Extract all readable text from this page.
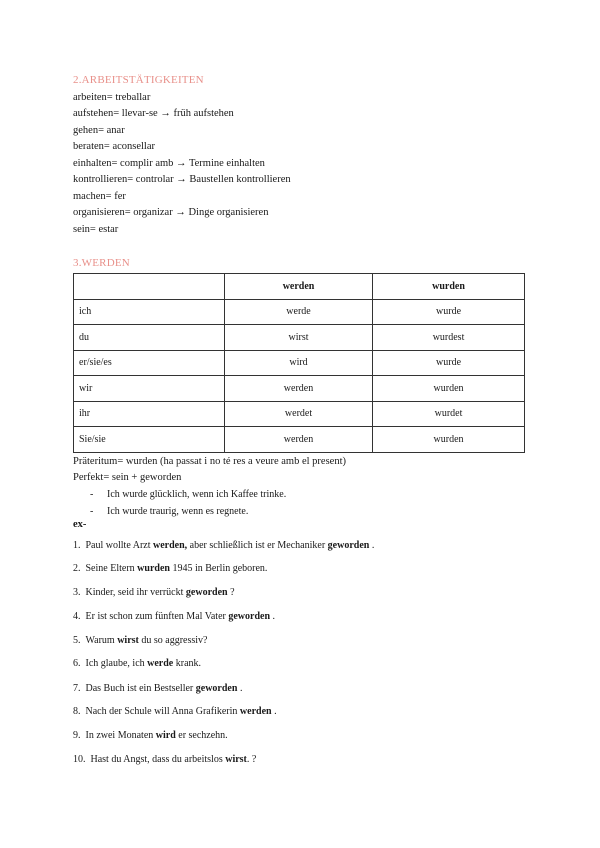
2.ARBEITSTÄTIGKEITEN
arbeiten= treballar
aufstehen= llevar-se → früh aufstehen
gehen= anar
beraten= aconsellar
einhalten= complir amb → Termine einhalten
kontrollieren= controlar → Baustellen kontrollieren
machen= fer
organisieren= organizar → Dinge organisieren
sein= estar
3.WERDEN
	werden	wurden
ich	werde	wurde
du	wirst	wurdest
er/sie/es	wird	wurde
wir	werden	wurden
ihr	werdet	wurdet
Sie/sie	werden	wurden
Präteritum= wurden (ha passat i no té res a veure amb el present)
Perfekt= sein + geworden
- Ich wurde glücklich, wenn ich Kaffee trinke.
- Ich wurde traurig, wenn es regnete.
ex-
1. Paul wollte Arzt werden, aber schließlich ist er Mechaniker geworden .
2. Seine Eltern wurden 1945 in Berlin geboren.
3. Kinder, seid ihr verrückt geworden ?
4. Er ist schon zum fünften Mal Vater geworden .
5. Warum wirst du so aggressiv?
6. Ich glaube, ich werde krank.
7. Das Buch ist ein Bestseller geworden .
8. Nach der Schule will Anna Grafikerin werden .
9. In zwei Monaten wird er sechzehn.
10. Hast du Angst, dass du arbeitslos wirst. ?
